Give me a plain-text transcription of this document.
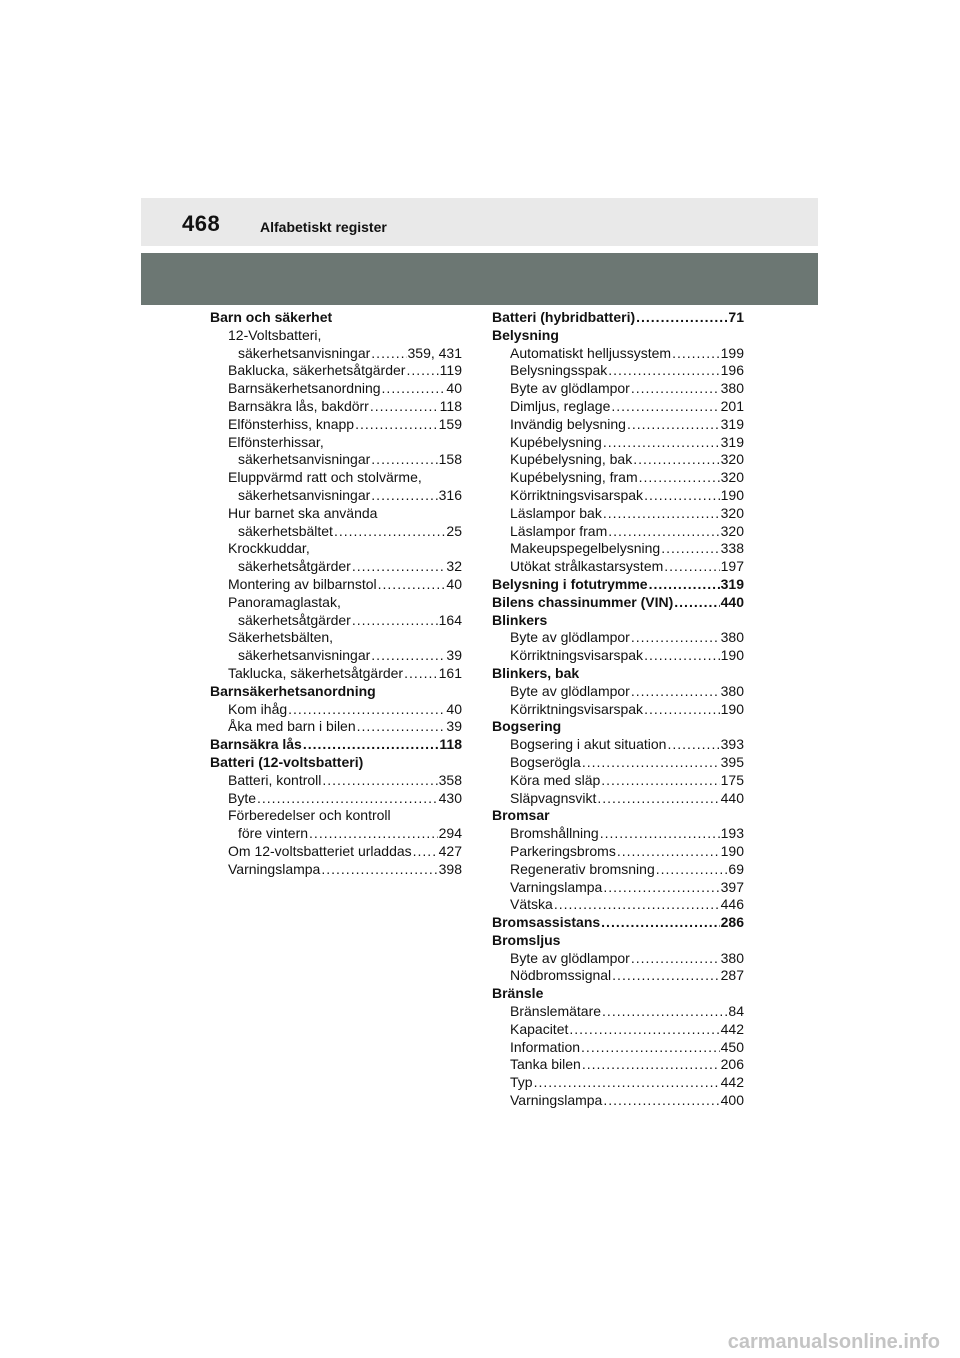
468	Alfabetiskt register
Barn och säkerhet
12-Voltsbatteri,
säkerhetsanvisningar .....	359, 431
Baklucka, säkerhetsåtgärder ..... 119
Barnsäkerhetsanordning .....	40
Barnsäkra lås, bakdörr .....	118
Elfönsterhiss, knapp .....	159
Elfönsterhissar,
säkerhetsanvisningar .....	158
Eluppvärmd ratt och stolvärme,
säkerhetsanvisningar .....	316
Hur barnet ska använda
säkerhetsbältet .....	25
Krockkuddar,
säkerhetsåtgärder .....	32
Montering av bilbarnstol .....	40
Panoramaglastak,
säkerhetsåtgärder .....	164
Säkerhetsbälten,
säkerhetsanvisningar .....	39
Taklucka, säkerhetsåtgärder .....	161
Barnsäkerhetsanordning
Kom ihåg .....	40
Åka med barn i bilen .....	39
Barnsäkra lås .....	118
Batteri (12-voltsbatteri)
Batteri, kontroll .....	358
Byte .....	430
Förberedelser och kontroll
före vintern .....	294
Om 12-voltsbatteriet urladdas ..... 427
Varningslampa .....	398
Batteri (hybridbatteri) .....	71
Belysning
Automatiskt helljussystem .....	199
Belysningsspak .....	196
Byte av glödlampor .....	380
Dimljus, reglage .....	201
Invändig belysning .....	319
Kupébelysning .....	319
Kupébelysning, bak .....	320
Kupébelysning, fram .....	320
Körriktningsvisarspak .....	190
Läslampor bak .....	320
Läslampor fram .....	320
Makeupspegelbelysning .....	338
Utökat strålkastarsystem .....	197
Belysning i fotutrymme .....	319
Bilens chassinummer (VIN) .....	440
Blinkers
Byte av glödlampor .....	380
Körriktningsvisarspak .....	190
Blinkers, bak
Byte av glödlampor .....	380
Körriktningsvisarspak .....	190
Bogsering
Bogsering i akut situation .....	393
Bogserögla .....	395
Köra med släp .....	175
Släpvagnsvikt .....	440
Bromsar
Bromshållning .....	193
Parkeringsbroms .....	190
Regenerativ bromsning .....	69
Varningslampa .....	397
Vätska .....	446
Bromsassistans .....	286
Bromsljus
Byte av glödlampor .....	380
Nödbromssignal .....	287
Bränsle
Bränslemätare .....	84
Kapacitet .....	442
Information .....	450
Tanka bilen .....	206
Typ .....	442
Varningslampa .....	400
carmanualsonline.info
